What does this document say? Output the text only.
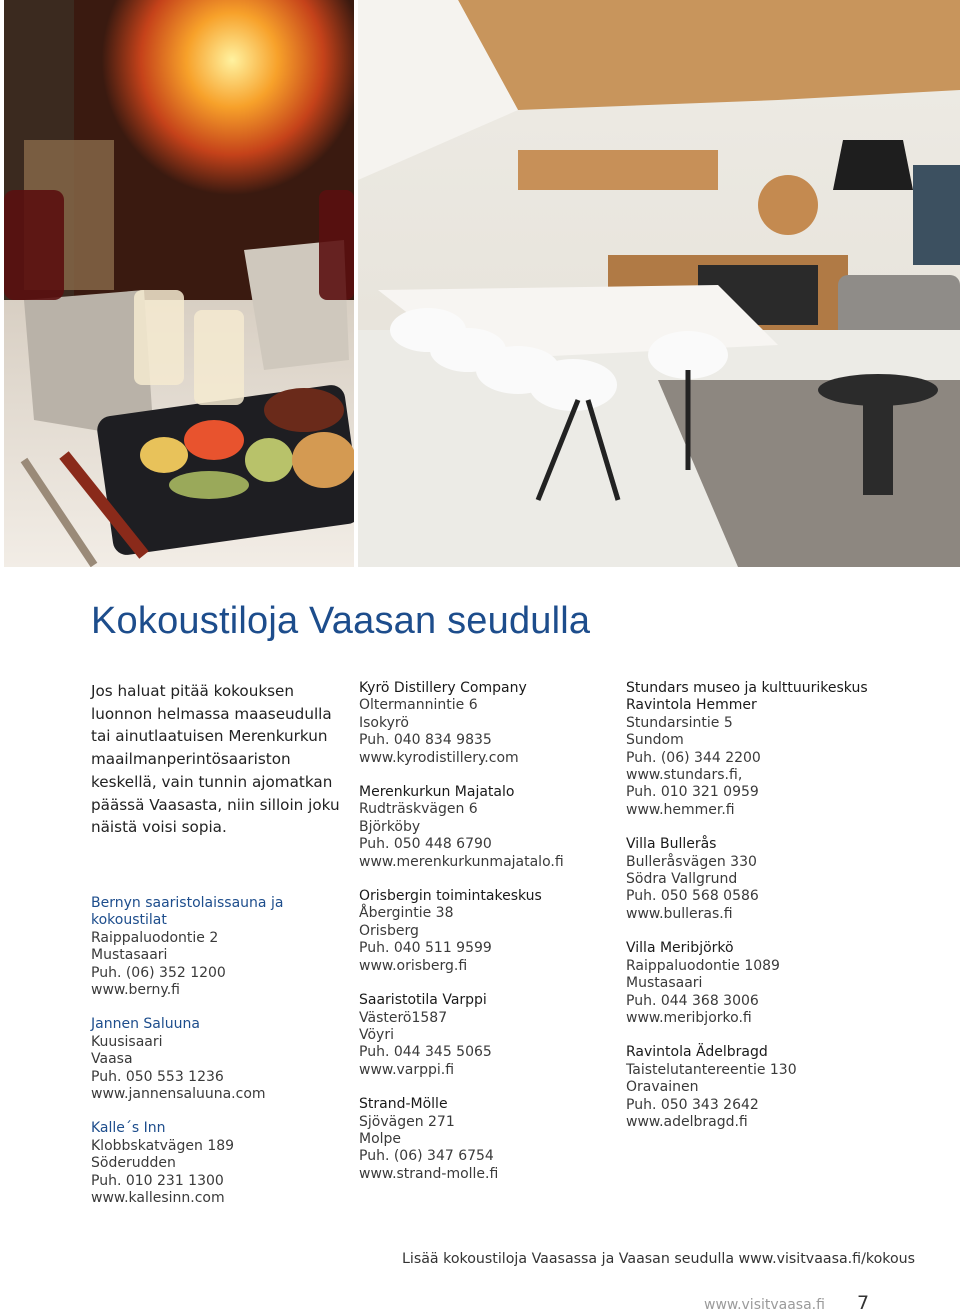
Kokoustiloja Vaasan seudulla

Jos haluat pitää kokouksen luonnon helmassa maaseudulla tai ainutlaatuisen Merenkurkun maailmanperintösaariston keskellä, vain tunnin ajomatkan päässä Vaasasta, niin silloin joku näistä voisi sopia.

Bernyn saaristolaissauna ja kokoustilat
Raippaluodontie 2
Mustasaari
Puh. (06) 352 1200
www.berny.fi
Jannen Saluuna
Kuusisaari
Vaasa
Puh. 050 553 1236
www.jannensaluuna.com
Kalle´s Inn
Klobbskatvägen 189
Söderudden
Puh. 010 231 1300
www.kallesinn.com
Kyrö Distillery Company
Oltermannintie 6
Isokyrö
Puh. 040 834 9835
www.kyrodistillery.com
Merenkurkun Majatalo
Rudträskvägen 6
Björköby
Puh. 050 448 6790
www.merenkurkunmajatalo.fi
Orisbergin toimintakeskus
Åbergintie 38
Orisberg
Puh. 040 511 9599
www.orisberg.fi
Saaristotila Varppi
Västerö1587
Vöyri
Puh. 044 345 5065
www.varppi.fi
Strand-Mölle
Sjövägen 271
Molpe
Puh. (06) 347 6754
www.strand-molle.fi
Stundars museo ja kulttuurikeskus Ravintola Hemmer
Stundarsintie 5
Sundom
Puh. (06) 344 2200
www.stundars.fi,
Puh. 010 321 0959
www.hemmer.fi
Villa Bullerås
Bulleråsvägen 330
Södra Vallgrund
Puh. 050 568 0586
www.bulleras.fi
Villa Meribjörkö
Raippaluodontie 1089
Mustasaari
Puh. 044 368 3006
www.meribjorko.fi
Ravintola Ädelbragd
Taistelutantereentie 130
Oravainen
Puh. 050 343 2642
www.adelbragd.fi
Lisää kokoustiloja Vaasassa ja Vaasan seudulla www.visitvaasa.fi/kokous
www.visitvaasa.fi 7
